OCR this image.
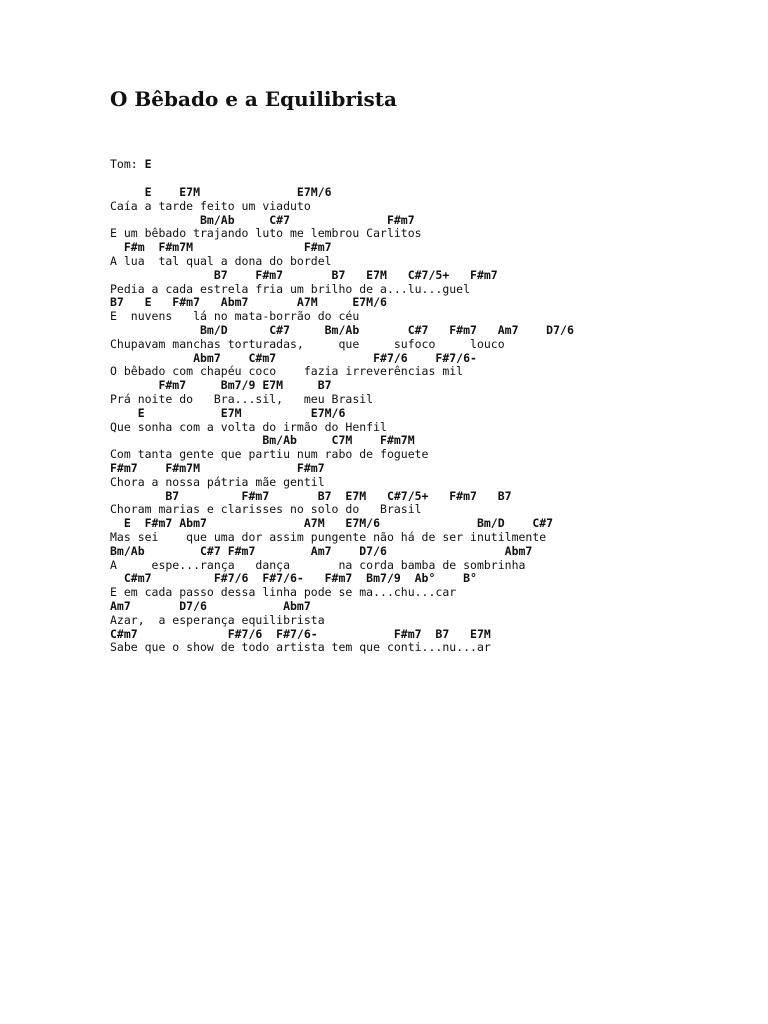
O Bêbado e a Equilibrista
Tom: E
E    E7M              E7M/6
Caía a tarde feito um viaduto
Bm/Ab     C#7              F#m7
E um bêbado trajando luto me lembrou Carlitos
F#m  F#m7M                F#m7
A lua  tal qual a dona do bordel
B7    F#m7       B7   E7M   C#7/5+   F#m7
Pedia a cada estrela fria um brilho de a...lu...guel
B7   E   F#m7   Abm7       A7M     E7M/6
E  nuvens   lá no mata-borrão do céu
Bm/D      C#7     Bm/Ab       C#7   F#m7   Am7    D7/6
Chupavam manchas torturadas,     que     sufoco     louco
Abm7    C#m7              F#7/6    F#7/6-
O bêbado com chapéu coco    fazia irreverências mil
F#m7     Bm7/9 E7M     B7
Prá noite do   Bra...sil,   meu Brasil
E           E7M          E7M/6
Que sonha com a volta do irmão do Henfil
Bm/Ab     C7M    F#m7M
Com tanta gente que partiu num rabo de foguete
F#m7    F#m7M              F#m7
Chora a nossa pátria mãe gentil
B7         F#m7       B7  E7M   C#7/5+   F#m7   B7
Choram marias e clarisses no solo do   Brasil
E  F#m7 Abm7              A7M   E7M/6              Bm/D    C#7
Mas sei    que uma dor assim pungente não há de ser inutilmente
Bm/Ab        C#7 F#m7        Am7    D7/6                 Abm7
A     espe...rança   dança       na corda bamba de sombrinha
C#m7         F#7/6  F#7/6-   F#m7  Bm7/9  Ab°    B°
E em cada passo dessa linha pode se ma...chu...car
Am7       D7/6           Abm7
Azar,  a esperança equilibrista
C#m7             F#7/6  F#7/6-           F#m7  B7   E7M
Sabe que o show de todo artista tem que conti...nu...ar
